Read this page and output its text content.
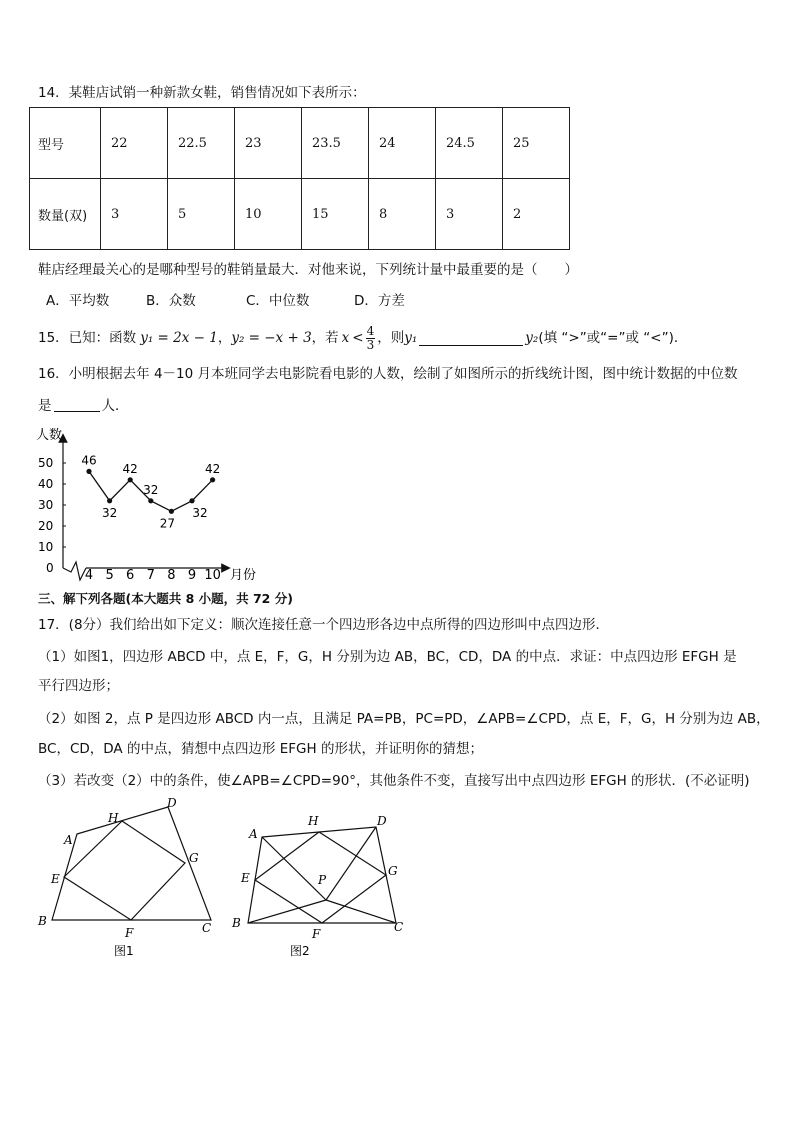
14．某鞋店试销一种新款女鞋，销售情况如下表所示：
型号	22	22.5	23	23.5	24	24.5	25
数量(双)	3	5	10	15	8	3	2
鞋店经理最关心的是哪种型号的鞋销量最大．对他来说，下列统计量中最重要的是（　　）
A．平均数	B．众数	C．中位数	D．方差
15．已知：函数 y₁ = 2x − 1 ， y₂ = −x + 3 ，若 $x < \frac{4}{3}$ ，则 y₁	y₂ (填 “>”或“=”或 “<”)．
16．小明根据去年 4－10 月本班同学去电影院看电影的人数，绘制了如图所示的折线统计图，图中统计数据的中位数
是	人．
人数
月份
0
10
20
30
40
50
4 5 6 7 8 9 10
46
32
42
32
27
32
42
三、解下列各题(本大题共 8 小题，共 72 分)
17．(8分）我们给出如下定义：顺次连接任意一个四边形各边中点所得的四边形叫中点四边形．
（1）如图1，四边形 ABCD 中，点 E，F，G，H 分别为边 AB，BC，CD，DA 的中点．求证：中点四边形 EFGH 是
平行四边形；
（2）如图 2，点 P 是四边形 ABCD 内一点，且满足 PA=PB，PC=PD，∠APB=∠CPD，点 E，F，G，H 分别为边 AB，
BC，CD，DA 的中点，猜想中点四边形 EFGH 的形状，并证明你的猜想；
（3）若改变（2）中的条件，使∠APB=∠CPD=90°，其他条件不变，直接写出中点四边形 EFGH 的形状．(不必证明)
A
B	C
D
E
F
G
H
图1
A
B	C
D
E
F
G
H
P
图2
